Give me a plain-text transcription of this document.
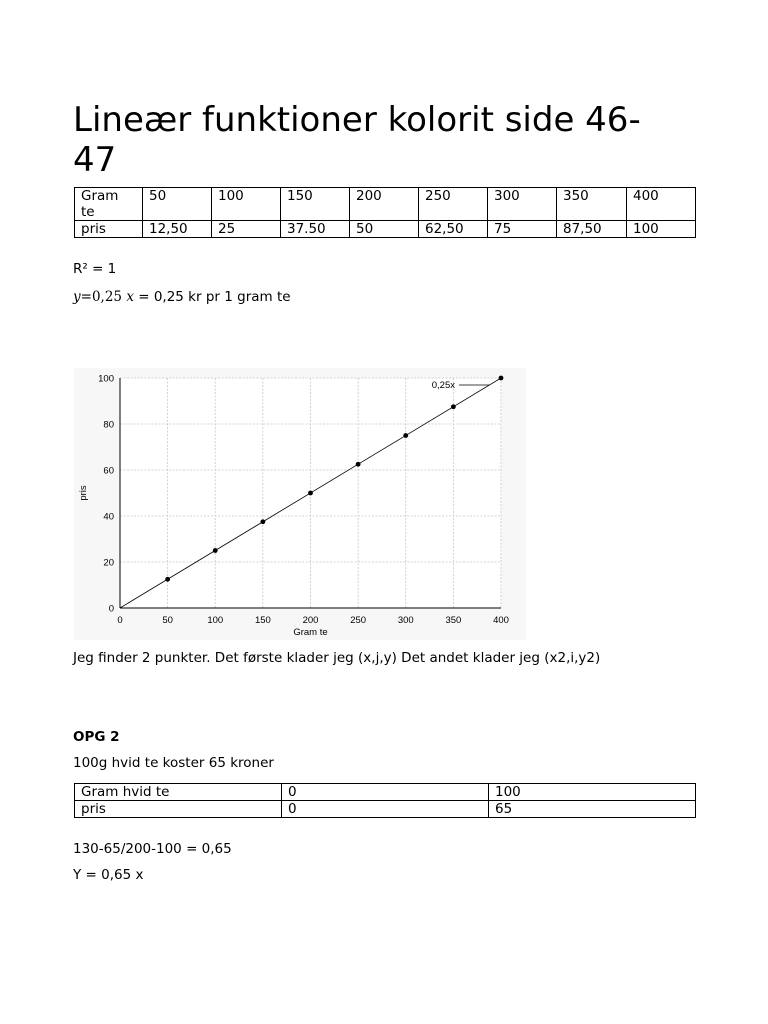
Lineær funktioner kolorit side 46-47
Gram te	50	100	150	200	250	300	350	400
pris	12,50	25	37.50	50	62,50	75	87,50	100
R² = 1
y=0,25 x = 0,25 kr pr 1 gram te
0	50	100	150	200	250	300	350	400
0
20
40
60
80
100
0,25x
Gram te
pris
Jeg finder 2 punkter. Det første klader jeg (x,j,y) Det andet klader jeg (x2,i,y2)
OPG 2
100g hvid te koster 65 kroner
Gram hvid te	0	100
pris	0	65
130-65/200-100 = 0,65
Y = 0,65 x
